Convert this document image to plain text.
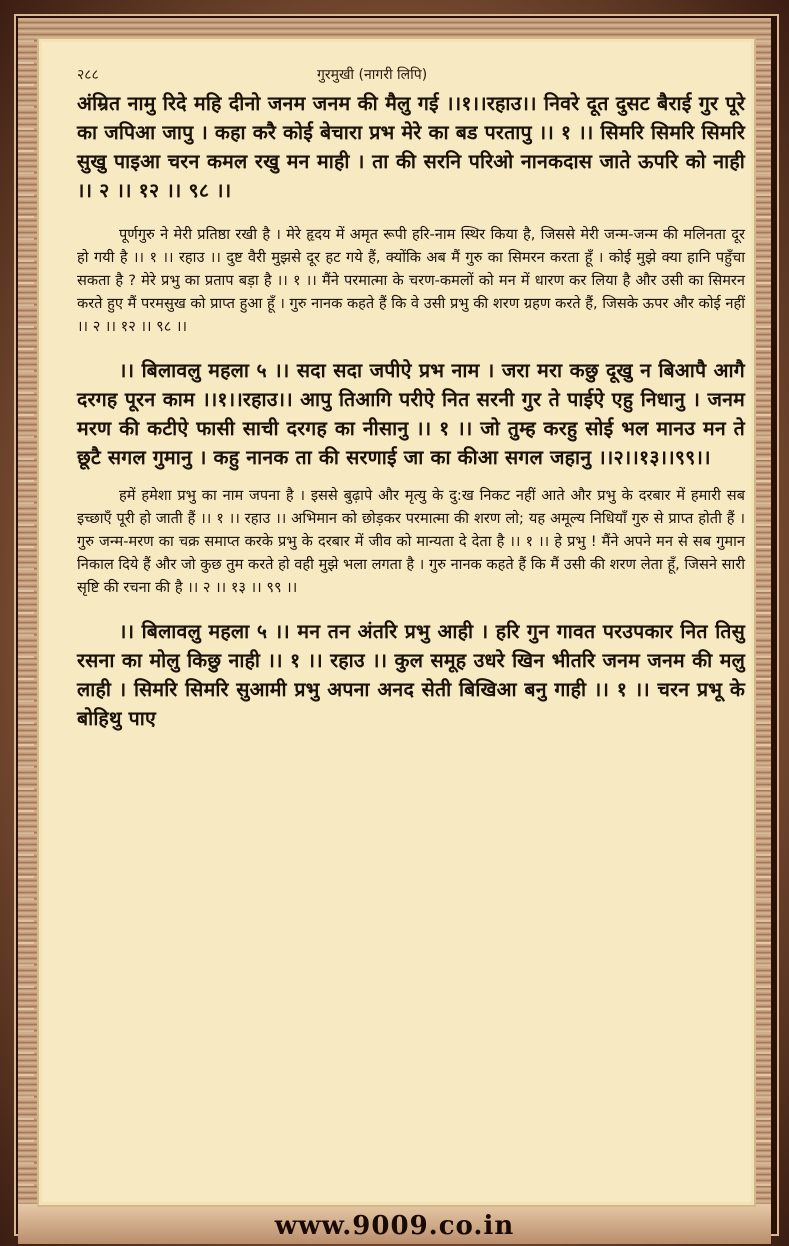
२८८	गुरमुखी (नागरी लिपि)

अंम्रित नामु रिदे महि दीनो जनम जनम की मैलु गई ।।१।।रहाउ।। निवरे दूत दुसट बैराई गुर पूरे का जपिआ जापु । कहा करै कोई बेचारा प्रभ मेरे का बड परतापु ।। १ ।। सिमरि सिमरि सिमरि सुखु पाइआ चरन कमल रखु मन माही । ता की सरनि परिओ नानकदास जाते ऊपरि को नाही ।। २ ।। १२ ।। ९८ ।।

पूर्णगुरु ने मेरी प्रतिष्ठा रखी है । मेरे हृदय में अमृत रूपी हरि-नाम स्थिर किया है, जिससे मेरी जन्म-जन्म की मलिनता दूर हो गयी है ।। १ ।। रहाउ ।। दुष्ट वैरी मुझसे दूर हट गये हैं, क्योंकि अब मैं गुरु का सिमरन करता हूँ । कोई मुझे क्या हानि पहुँचा सकता है ? मेरे प्रभु का प्रताप बड़ा है ।। १ ।। मैंने परमात्मा के चरण-कमलों को मन में धारण कर लिया है और उसी का सिमरन करते हुए मैं परमसुख को प्राप्त हुआ हूँ । गुरु नानक कहते हैं कि वे उसी प्रभु की शरण ग्रहण करते हैं, जिसके ऊपर और कोई नहीं ।। २ ।। १२ ।। ९८ ।।

।। बिलावलु महला ५ ।। सदा सदा जपीऐ प्रभ नाम । जरा मरा कछु दूखु न बिआपै आगै दरगह पूरन काम ।।१।।रहाउ।। आपु तिआगि परीऐ नित सरनी गुर ते पाईऐ एहु निधानु । जनम मरण की कटीऐ फासी साची दरगह का नीसानु ।। १ ।। जो तुम्ह करहु सोई भल मानउ मन ते छूटै सगल गुमानु । कहु नानक ता की सरणाई जा का कीआ सगल जहानु ।।२।।१३।।९९।।

हमें हमेशा प्रभु का नाम जपना है । इससे बुढ़ापे और मृत्यु के दु:ख निकट नहीं आते और प्रभु के दरबार में हमारी सब इच्छाएँ पूरी हो जाती हैं ।। १ ।। रहाउ ।। अभिमान को छोड़कर परमात्मा की शरण लो; यह अमूल्य निधियाँ गुरु से प्राप्त होती हैं । गुरु जन्म-मरण का चक्र समाप्त करके प्रभु के दरबार में जीव को मान्यता दे देता है ।। १ ।। हे प्रभु ! मैंने अपने मन से सब गुमान निकाल दिये हैं और जो कुछ तुम करते हो वही मुझे भला लगता है । गुरु नानक कहते हैं कि मैं उसी की शरण लेता हूँ, जिसने सारी सृष्टि की रचना की है ।। २ ।। १३ ।। ९९ ।।

।। बिलावलु महला ५ ।। मन तन अंतरि प्रभु आही । हरि गुन गावत परउपकार नित तिसु रसना का मोलु किछु नाही ।। १ ।। रहाउ ।। कुल समूह उधरे खिन भीतरि जनम जनम की मलु लाही । सिमरि सिमरि सुआमी प्रभु अपना अनद सेती बिखिआ बनु गाही ।। १ ।। चरन प्रभू के बोहिथु पाए

www.9009.co.in
